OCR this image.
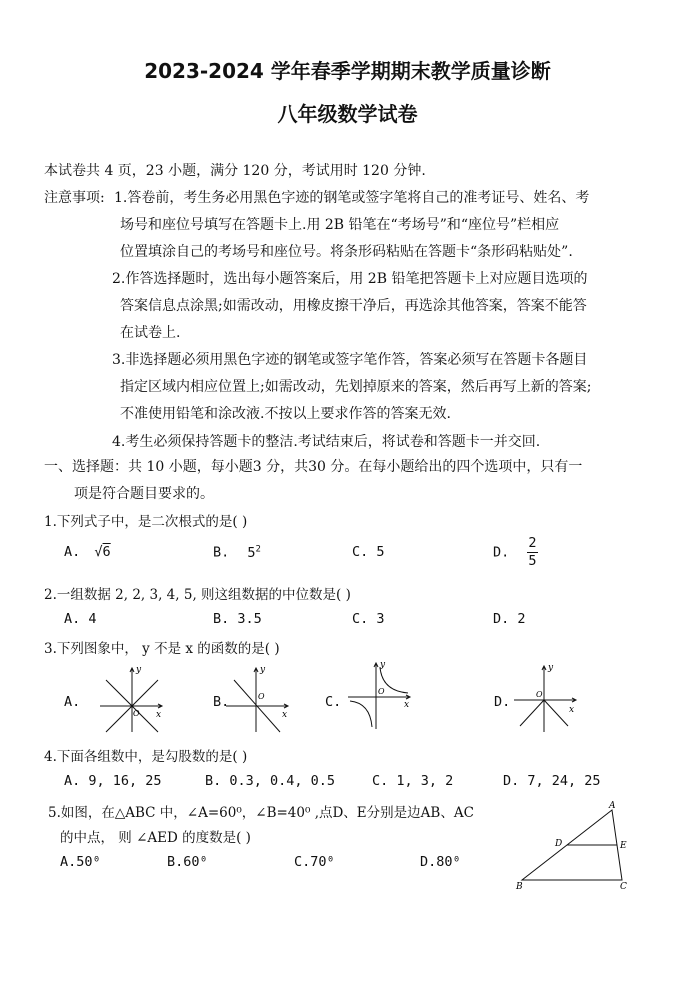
2023-2024 学年春季学期期末教学质量诊断
八年级数学试卷
本试卷共 4 页，23 小题，满分 120 分，考试用时 120 分钟.
注意事项: 1.答卷前，考生务必用黑色字迹的钢笔或签字笔将自己的准考证号、姓名、考
场号和座位号填写在答题卡上.用 2B 铅笔在“考场号”和“座位号”栏相应
位置填涂自己的考场号和座位号。将条形码粘贴在答题卡“条形码粘贴处”.
2.作答选择题时，选出每小题答案后，用 2B 铅笔把答题卡上对应题目选项的
答案信息点涂黑;如需改动，用橡皮擦干净后，再选涂其他答案，答案不能答
在试卷上.
3.非选择题必须用黑色字迹的钢笔或签字笔作答，答案必须写在答题卡各题目
指定区域内相应位置上;如需改动，先划掉原来的答案，然后再写上新的答案;
不准使用铅笔和涂改液.不按以上要求作答的答案无效.
4.考生必须保持答题卡的整洁.考试结束后，将试卷和答题卡一并交回.
一、选择题：共 10 小题，每小题3 分，共30 分。在每小题给出的四个选项中，只有一
项是符合题目要求的。
1.下列式子中，是二次根式的是( )
A. √6	B. $5^2$	C. 5	D. $\frac{2}{5}$
2.一组数据 2, 2, 3, 4, 5, 则这组数据的中位数是( )
A. 4	B. 3.5	C. 3	D. 2
3.下列图象中， y 不是 x 的函数的是( )
A.	B.	C.	D.
y
x
O
y
x
O
y
x
O
y
x
O
4.下面各组数中，是勾股数的是( )
A. 9, 16, 25	B. 0.3, 0.4, 0.5	C. 1, 3, 2	D. 7, 24, 25
5.如图，在△ABC 中，∠A=60⁰，∠B=40⁰ ,点D、E分别是边AB、AC
的中点， 则 ∠AED 的度数是( )
A.50⁰	B.60⁰	C.70⁰	D.80⁰
A
B	C
D	E
